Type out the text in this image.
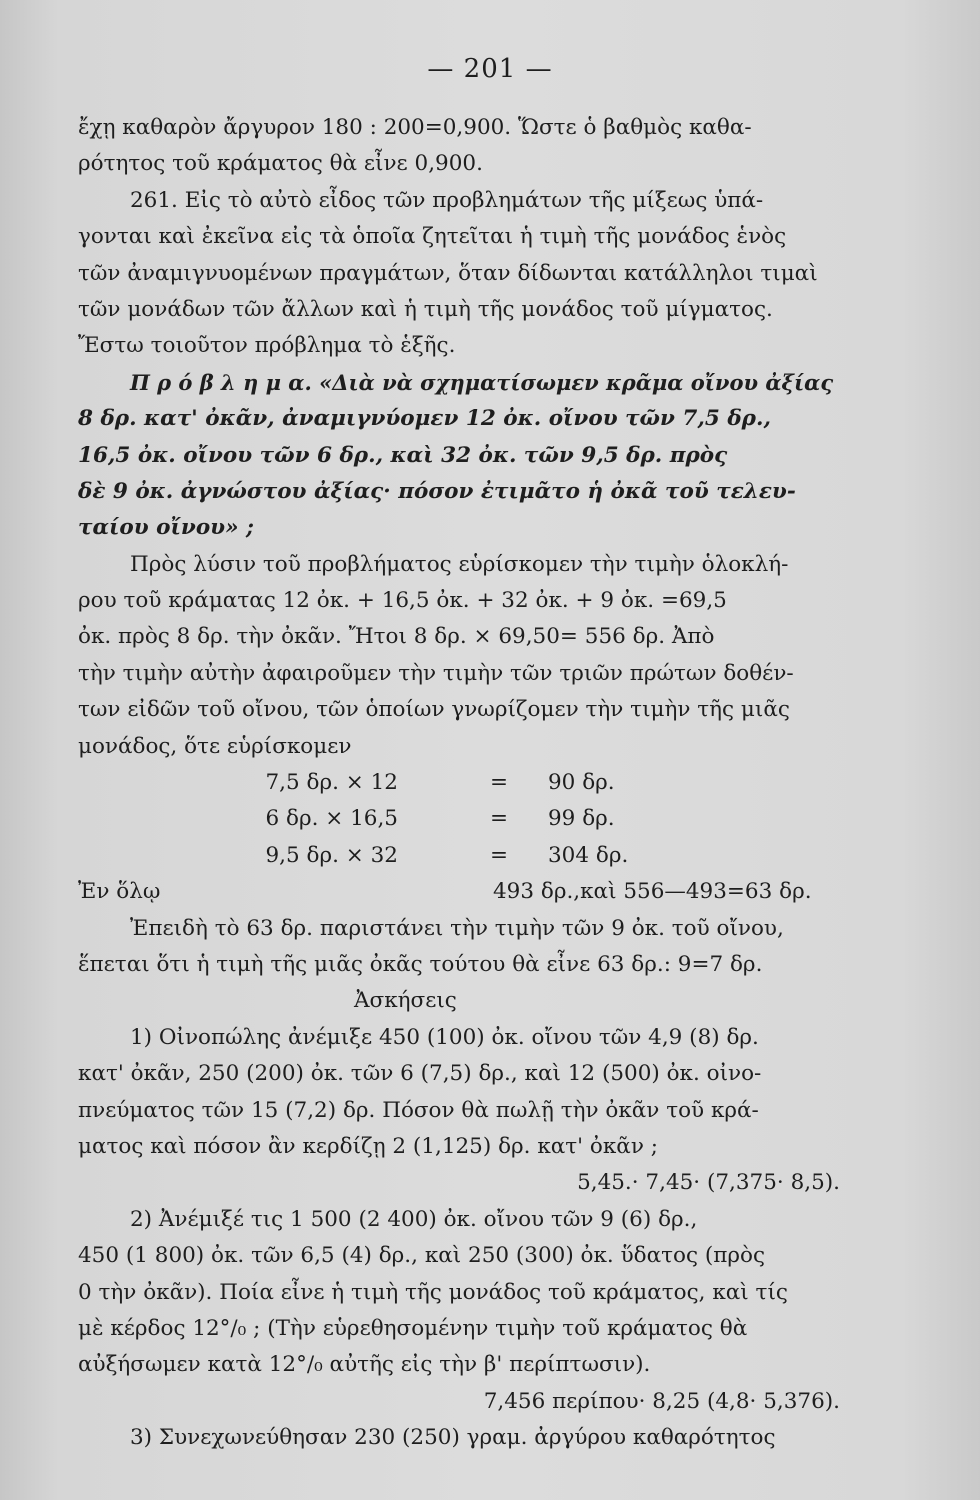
— 201 —
ἔχῃ καθαρὸν ἄργυρον 180 : 200=0,900. Ὥστε ὁ βαθμὸς καθα-
ρότητος τοῦ κράματος θὰ εἶνε 0,900.
261. Εἰς τὸ αὐτὸ εἶδος τῶν προβλημάτων τῆς μίξεως ὑπά-
γονται καὶ ἐκεῖνα εἰς τὰ ὁποῖα ζητεῖται ἡ τιμὴ τῆς μονάδος ἑνὸς
τῶν ἀναμιγνυομένων πραγμάτων, ὅταν δίδωνται κατάλληλοι τιμαὶ
τῶν μονάδων τῶν ἄλλων καὶ ἡ τιμὴ τῆς μονάδος τοῦ μίγματος.
Ἔστω τοιοῦτον πρόβλημα τὸ ἑξῆς.
Π ρ ό β λ η μ α. «Διὰ νὰ σχηματίσωμεν κρᾶμα οἴνου ἀξίας
8 δρ. κατ' ὀκᾶν, ἀναμιγνύομεν 12 ὀκ. οἴνου τῶν 7,5 δρ.,
16,5 ὀκ. οἴνου τῶν 6 δρ., καὶ 32 ὀκ. τῶν 9,5 δρ. πρὸς
δὲ 9 ὀκ. ἀγνώστου ἀξίας· πόσον ἐτιμᾶτο ἡ ὀκᾶ τοῦ τελευ-
ταίου οἴνου» ;
Πρὸς λύσιν τοῦ προβλήματος εὑρίσκομεν τὴν τιμὴν ὁλοκλή-
ρου τοῦ κράματας 12 ὀκ. + 16,5 ὀκ. + 32 ὀκ. + 9 ὀκ. =69,5
ὀκ. πρὸς 8 δρ. τὴν ὀκᾶν. Ἤτοι 8 δρ. × 69,50= 556 δρ. Ἀπὸ
τὴν τιμὴν αὐτὴν ἀφαιροῦμεν τὴν τιμὴν τῶν τριῶν πρώτων δοθέν-
των εἰδῶν τοῦ οἴνου, τῶν ὁποίων γνωρίζομεν τὴν τιμὴν τῆς μιᾶς
μονάδος, ὅτε εὑρίσκομεν
7,5 δρ. × 12	= 90 δρ.
6 δρ. × 16,5	= 99 δρ.
9,5 δρ. × 32	= 304 δρ.
Ἐν ὅλῳ	493 δρ.,καὶ 556—493=63 δρ.
Ἐπειδὴ τὸ 63 δρ. παριστάνει τὴν τιμὴν τῶν 9 ὀκ. τοῦ οἴνου,
ἕπεται ὅτι ἡ τιμὴ τῆς μιᾶς ὀκᾶς τούτου θὰ εἶνε 63 δρ.: 9=7 δρ.
Ἀσκήσεις
1) Οἰνοπώλης ἀνέμιξε 450 (100) ὀκ. οἴνου τῶν 4,9 (8) δρ.
κατ' ὀκᾶν, 250 (200) ὀκ. τῶν 6 (7,5) δρ., καὶ 12 (500) ὀκ. οἰνο-
πνεύματος τῶν 15 (7,2) δρ. Πόσον θὰ πωλῇ τὴν ὀκᾶν τοῦ κρά-
ματος καὶ πόσον ἂν κερδίζῃ 2 (1,125) δρ. κατ' ὀκᾶν ;
5,45.· 7,45· (7,375· 8,5).
2) Ἀνέμιξέ τις 1 500 (2 400) ὀκ. οἴνου τῶν 9 (6) δρ.,
450 (1 800) ὀκ. τῶν 6,5 (4) δρ., καὶ 250 (300) ὀκ. ὕδατος (πρὸς
0 τὴν ὀκᾶν). Ποία εἶνε ἡ τιμὴ τῆς μονάδος τοῦ κράματος, καὶ τίς
μὲ κέρδος 12°/₀ ; (Τὴν εὑρεθησομένην τιμὴν τοῦ κράματος θὰ
αὐξήσωμεν κατὰ 12°/₀ αὐτῆς εἰς τὴν β' περίπτωσιν).
7,456 περίπου· 8,25 (4,8· 5,376).
3) Συνεχωνεύθησαν 230 (250) γραμ. ἀργύρου καθαρότητος
